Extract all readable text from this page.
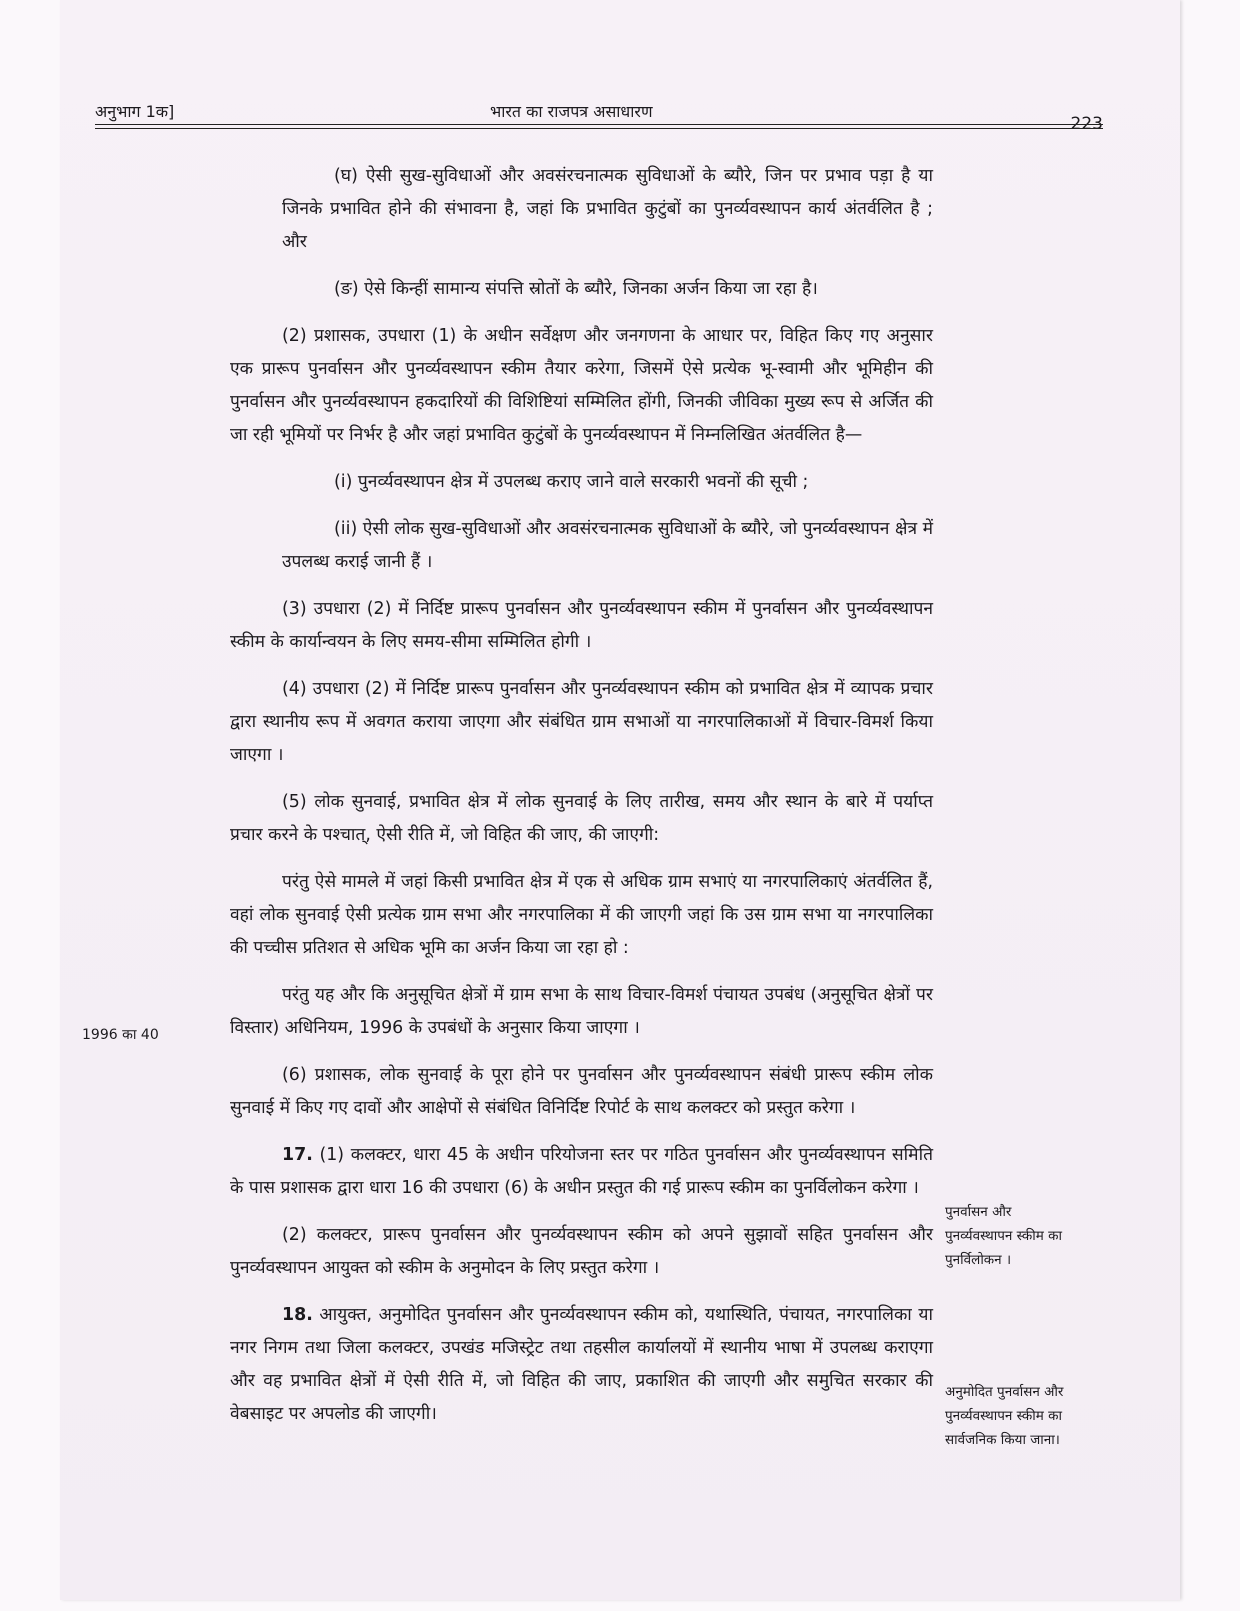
अनुभाग 1क]	भारत का राजपत्र असाधारण
223

(घ) ऐसी सुख-सुविधाओं और अवसंरचनात्मक सुविधाओं के ब्यौरे, जिन पर प्रभाव पड़ा है या जिनके प्रभावित होने की संभावना है, जहां कि प्रभावित कुटुंबों का पुनर्व्यवस्थापन कार्य अंतर्वलित है ; और

(ङ) ऐसे किन्हीं सामान्य संपत्ति स्रोतों के ब्यौरे, जिनका अर्जन किया जा रहा है।

(2) प्रशासक, उपधारा (1) के अधीन सर्वेक्षण और जनगणना के आधार पर, विहित किए गए अनुसार एक प्रारूप पुनर्वासन और पुनर्व्यवस्थापन स्कीम तैयार करेगा, जिसमें ऐसे प्रत्येक भू-स्वामी और भूमिहीन की पुनर्वासन और पुनर्व्यवस्थापन हकदारियों की विशिष्टियां सम्मिलित होंगी, जिनकी जीविका मुख्य रूप से अर्जित की जा रही भूमियों पर निर्भर है और जहां प्रभावित कुटुंबों के पुनर्व्यवस्थापन में निम्नलिखित अंतर्वलित है—

(i) पुनर्व्यवस्थापन क्षेत्र में उपलब्ध कराए जाने वाले सरकारी भवनों की सूची ;

(ii) ऐसी लोक सुख-सुविधाओं और अवसंरचनात्मक सुविधाओं के ब्यौरे, जो पुनर्व्यवस्थापन क्षेत्र में उपलब्ध कराई जानी हैं ।

(3) उपधारा (2) में निर्दिष्ट प्रारूप पुनर्वासन और पुनर्व्यवस्थापन स्कीम में पुनर्वासन और पुनर्व्यवस्थापन स्कीम के कार्यान्वयन के लिए समय-सीमा सम्मिलित होगी ।

(4) उपधारा (2) में निर्दिष्ट प्रारूप पुनर्वासन और पुनर्व्यवस्थापन स्कीम को प्रभावित क्षेत्र में व्यापक प्रचार द्वारा स्थानीय रूप में अवगत कराया जाएगा और संबंधित ग्राम सभाओं या नगरपालिकाओं में विचार-विमर्श किया जाएगा ।

(5) लोक सुनवाई, प्रभावित क्षेत्र में लोक सुनवाई के लिए तारीख, समय और स्थान के बारे में पर्याप्त प्रचार करने के पश्चात्, ऐसी रीति में, जो विहित की जाए, की जाएगी:

परंतु ऐसे मामले में जहां किसी प्रभावित क्षेत्र में एक से अधिक ग्राम सभाएं या नगरपालिकाएं अंतर्वलित हैं, वहां लोक सुनवाई ऐसी प्रत्येक ग्राम सभा और नगरपालिका में की जाएगी जहां कि उस ग्राम सभा या नगरपालिका की पच्चीस प्रतिशत से अधिक भूमि का अर्जन किया जा रहा हो :

परंतु यह और कि अनुसूचित क्षेत्रों में ग्राम सभा के साथ विचार-विमर्श पंचायत उपबंध (अनुसूचित क्षेत्रों पर विस्तार) अधिनियम, 1996 के उपबंधों के अनुसार किया जाएगा ।

(6) प्रशासक, लोक सुनवाई के पूरा होने पर पुनर्वासन और पुनर्व्यवस्थापन संबंधी प्रारूप स्कीम लोक सुनवाई में किए गए दावों और आक्षेपों से संबंधित विनिर्दिष्ट रिपोर्ट के साथ कलक्टर को प्रस्तुत करेगा ।

17. (1) कलक्टर, धारा 45 के अधीन परियोजना स्तर पर गठित पुनर्वासन और पुनर्व्यवस्थापन समिति के पास प्रशासक द्वारा धारा 16 की उपधारा (6) के अधीन प्रस्तुत की गई प्रारूप स्कीम का पुनर्विलोकन करेगा ।

(2) कलक्टर, प्रारूप पुनर्वासन और पुनर्व्यवस्थापन स्कीम को अपने सुझावों सहित पुनर्वासन और पुनर्व्यवस्थापन आयुक्त को स्कीम के अनुमोदन के लिए प्रस्तुत करेगा ।

18. आयुक्त, अनुमोदित पुनर्वासन और पुनर्व्यवस्थापन स्कीम को, यथास्थिति, पंचायत, नगरपालिका या नगर निगम तथा जिला कलक्टर, उपखंड मजिस्ट्रेट तथा तहसील कार्यालयों में स्थानीय भाषा में उपलब्ध कराएगा और वह प्रभावित क्षेत्रों में ऐसी रीति में, जो विहित की जाए, प्रकाशित की जाएगी और समुचित सरकार की वेबसाइट पर अपलोड की जाएगी।

1996 का 40
पुनर्वासन और पुनर्व्यवस्थापन स्कीम का पुनर्विलोकन ।
अनुमोदित पुनर्वासन और पुनर्व्यवस्थापन स्कीम का सार्वजनिक किया जाना।
